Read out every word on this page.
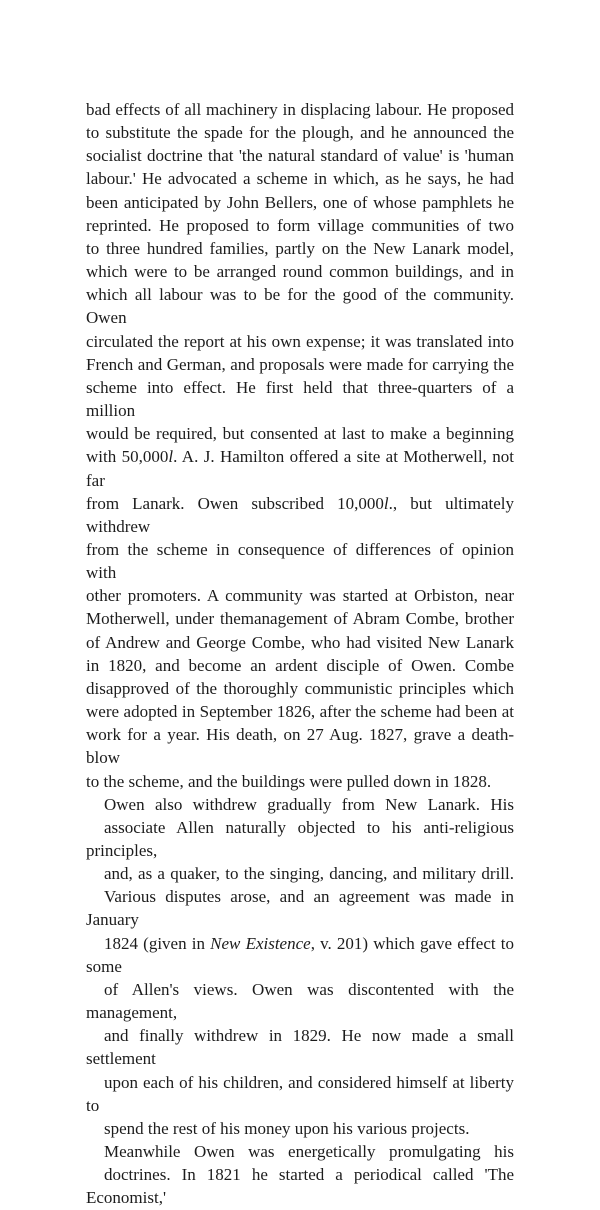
bad effects of all machinery in displacing labour. He proposed
to substitute the spade for the plough, and he announced the
socialist doctrine that 'the natural standard of value' is 'human
labour.' He advocated a scheme in which, as he says, he had
been anticipated by John Bellers, one of whose pamphlets he
reprinted. He proposed to form village communities of two
to three hundred families, partly on the New Lanark model,
which were to be arranged round common buildings, and in
which all labour was to be for the good of the community. Owen
circulated the report at his own expense; it was translated into
French and German, and proposals were made for carrying the
scheme into effect. He first held that three-quarters of a million
would be required, but consented at last to make a beginning
with 50,000l. A. J. Hamilton offered a site at Motherwell, not far
from Lanark. Owen subscribed 10,000l., but ultimately withdrew
from the scheme in consequence of differences of opinion with
other promoters. A community was started at Orbiston, near
Motherwell, under themanagement of Abram Combe, brother
of Andrew and George Combe, who had visited New Lanark
in 1820, and become an ardent disciple of Owen. Combe
disapproved of the thoroughly communistic principles which
were adopted in September 1826, after the scheme had been at
work for a year. His death, on 27 Aug. 1827, grave a death-blow
to the scheme, and the buildings were pulled down in 1828.

Owen also withdrew gradually from New Lanark. His
associate Allen naturally objected to his anti-religious principles,
and, as a quaker, to the singing, dancing, and military drill.
Various disputes arose, and an agreement was made in January
1824 (given in New Existence, v. 201) which gave effect to some
of Allen's views. Owen was discontented with the management,
and finally withdrew in 1829. He now made a small settlement
upon each of his children, and considered himself at liberty to
spend the rest of his money upon his various projects.

Meanwhile Owen was energetically promulgating his
doctrines. In 1821 he started a periodical called 'The Economist,'
